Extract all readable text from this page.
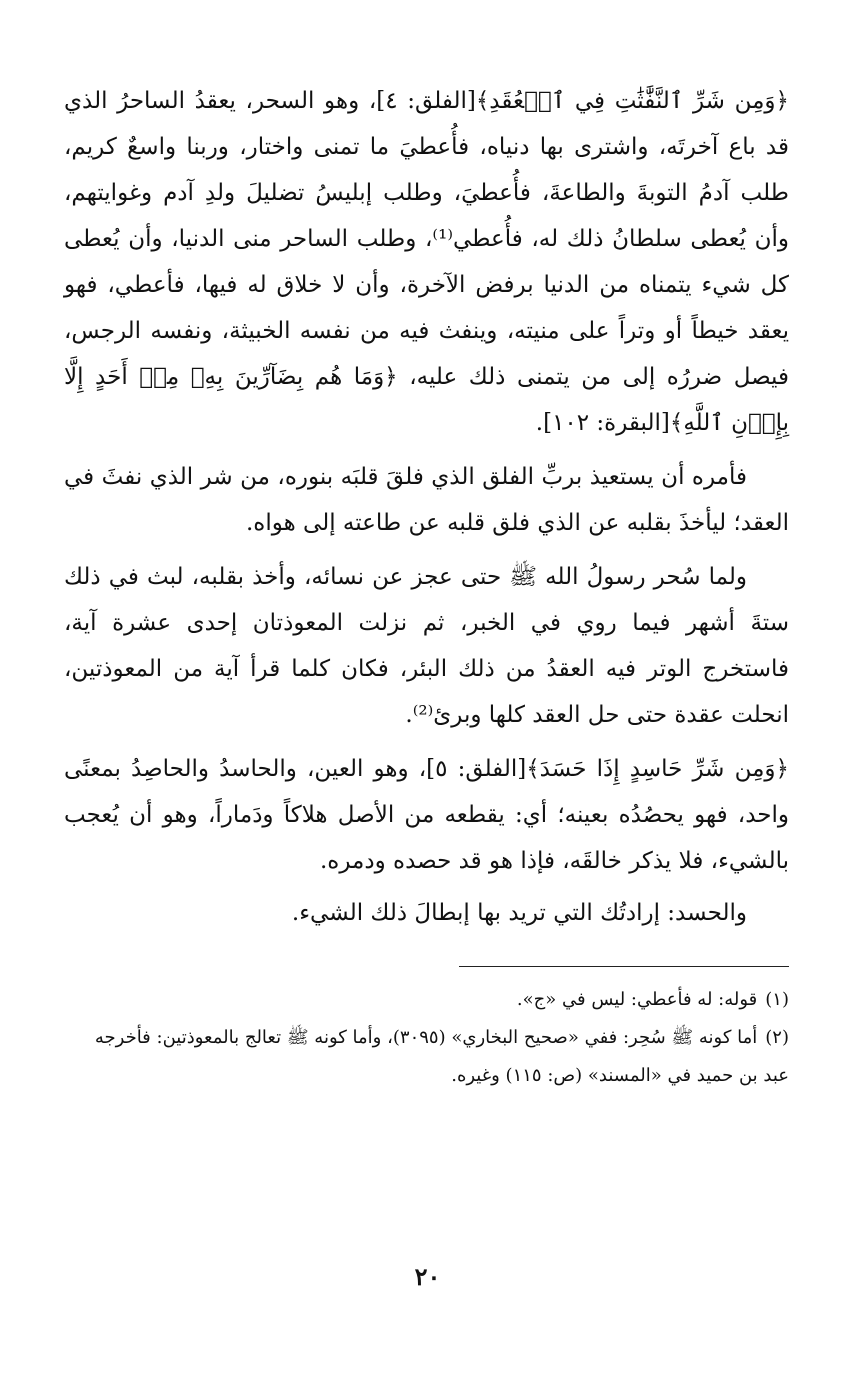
﴿وَمِن شَرِّ ٱلنَّفَّٰثَٰتِ فِي ٱلۡعُقَدِ﴾[الفلق: ٤]، وهو السحر، يعقدُ الساحرُ الذي قد باع آخرتَه، واشترى بها دنياه، فأُعطيَ ما تمنى واختار، وربنا واسعٌ كريم، طلب آدمُ التوبةَ والطاعةَ، فأُعطيَ، وطلب إبليسُ تضليلَ ولدِ آدم وغوايتهم، وأن يُعطى سلطانُ ذلك له، فأُعطي⁽¹⁾، وطلب الساحر منى الدنيا، وأن يُعطى كل شيء يتمناه من الدنيا برفض الآخرة، وأن لا خلاق له فيها، فأعطي، فهو يعقد خيطاً أو وتراً على منيته، وينفث فيه من نفسه الخبيثة، ونفسه الرجس، فيصل ضررُه إلى من يتمنى ذلك عليه، ﴿وَمَا هُم بِضَآرِّينَ بِهِۦ مِنۡ أَحَدٍ إِلَّا بِإِذۡنِ ٱللَّهِ﴾[البقرة: ١٠٢].

فأمره أن يستعيذ بربِّ الفلق الذي فلقَ قلبَه بنوره، من شر الذي نفثَ في العقد؛ ليأخذَ بقلبه عن الذي فلق قلبه عن طاعته إلى هواه.

ولما سُحر رسولُ الله ﷺ حتى عجز عن نسائه، وأخذ بقلبه، لبث في ذلك ستةَ أشهر فيما روي في الخبر، ثم نزلت المعوذتان إحدى عشرة آية، فاستخرج الوتر فيه العقدُ من ذلك البئر، فكان كلما قرأ آية من المعوذتين، انحلت عقدة حتى حل العقد كلها وبرئ⁽²⁾.

﴿وَمِن شَرِّ حَاسِدٍ إِذَا حَسَدَ﴾[الفلق: ٥]، وهو العين، والحاسدُ والحاصِدُ بمعنًى واحد، فهو يحصُدُه بعينه؛ أي: يقطعه من الأصل هلاكاً ودَماراً، وهو أن يُعجب بالشيء، فلا يذكر خالقَه، فإذا هو قد حصده ودمره.

والحسد: إرادتُك التي تريد بها إبطالَ ذلك الشيء.

(١)قوله: له فأعطي: ليس في «ج».

(٢)أما كونه ﷺ سُحِر: ففي «صحيح البخاري» (٣٠٩٥)، وأما كونه ﷺ تعالج بالمعوذتين: فأخرجه عبد بن حميد في «المسند» (ص: ١١٥) وغيره.

٢٠
